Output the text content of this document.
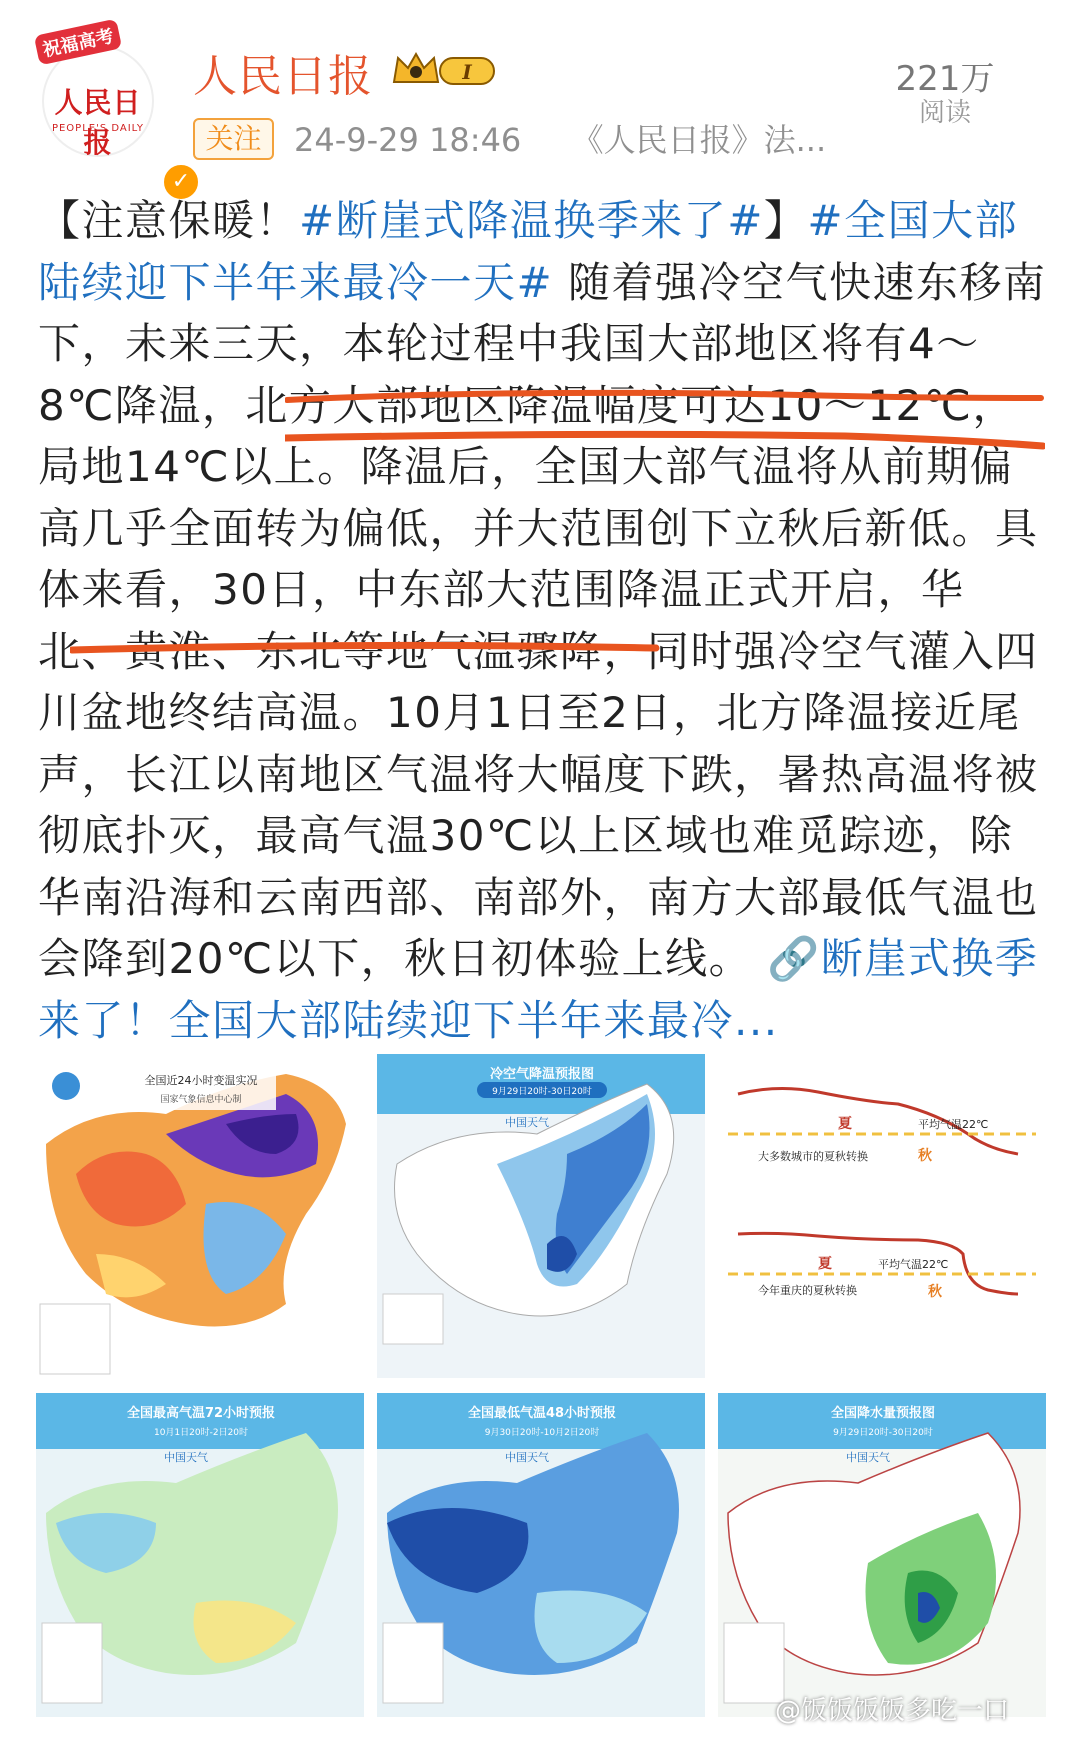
祝福高考
人民日报
PEOPLE'S DAILY
✓
人民日报	I
关注	24-9-29 18:46 《人民日报》法...
221万
阅读
【注意保暖！#断崖式降温换季来了#】#全国大部陆续迎下半年来最冷一天# 随着强冷空气快速东移南下，未来三天，本轮过程中我国大部地区将有4～8℃降温，北方大部地区降温幅度可达10～12℃，局地14℃以上。降温后，全国大部气温将从前期偏高几乎全面转为偏低，并大范围创下立秋后新低。具体来看，30日，中东部大范围降温正式开启，华北、黄淮、东北等地气温骤降，同时强冷空气灌入四川盆地终结高温。10月1日至2日，北方降温接近尾声，长江以南地区气温将大幅度下跌，暑热高温将被彻底扑灭，最高气温30℃以上区域也难觅踪迹，除华南沿海和云南西部、南部外，南方大部最低气温也会降到20℃以下，秋日初体验上线。 🔗断崖式换季来了！全国大部陆续迎下半年来最冷...
全国近24小时变温实况
国家气象信息中心制
冷空气降温预报图
9月29日20时-30日20时
中国天气	夏	平均气温22℃
大多数城市的夏秋转换	秋
夏	平均气温22℃
今年重庆的夏秋转换	秋
全国最高气温72小时预报
10月1日20时-2日20时
中国天气
全国最低气温48小时预报
9月30日20时-10月2日20时
中国天气
全国降水量预报图
9月29日20时-30日20时
中国天气
@饭饭饭饭多吃一口
